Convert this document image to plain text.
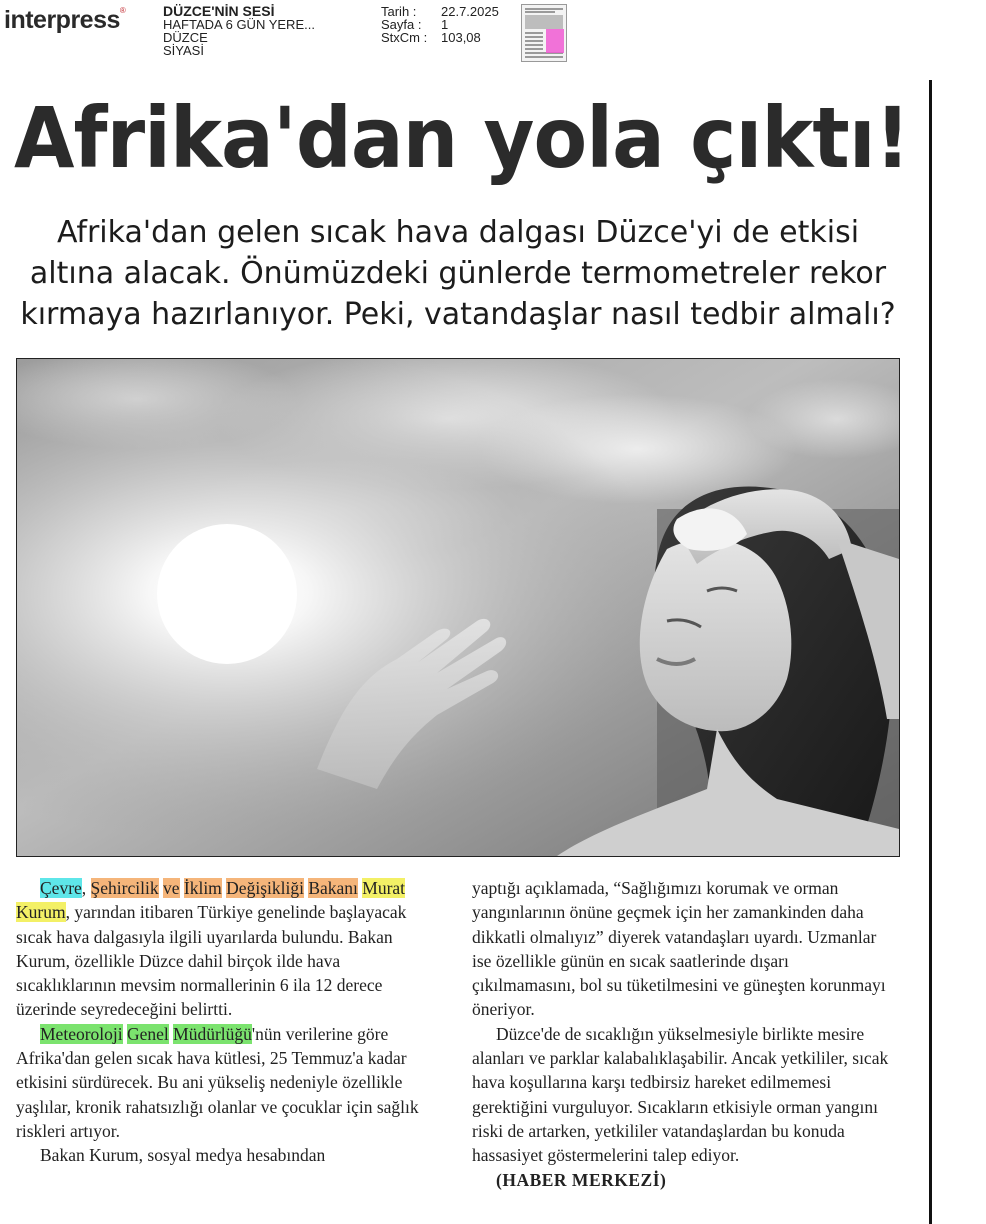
interpress®	DÜZCE'NİN SESİ
HAFTADA 6 GÜN YERE...
DÜZCE
SİYASİ
Tarih :	22.7.2025
Sayfa :	1
StxCm :	103,08
Afrika'dan yola çıktı!

Afrika'dan gelen sıcak hava dalgası Düzce'yi de etkisi altına alacak. Önümüzdeki günlerde termometreler rekor kırmaya hazırlanıyor. Peki, vatandaşlar nasıl tedbir almalı?

Çevre, Şehircilik ve İklim Değişikliği Bakanı Murat Kurum, yarından itibaren Türkiye genelinde başlayacak sıcak hava dalgasıyla ilgili uyarılarda bulundu. Bakan Kurum, özellikle Düzce dahil birçok ilde hava sıcaklıklarının mevsim normallerinin 6 ila 12 derece üzerinde seyredeceğini belirtti.

Meteoroloji Genel Müdürlüğü'nün verilerine göre Afrika'dan gelen sıcak hava kütlesi, 25 Temmuz'a kadar etkisini sürdürecek. Bu ani yükseliş nedeniyle özellikle yaşlılar, kronik rahatsızlığı olanlar ve çocuklar için sağlık riskleri artıyor.

Bakan Kurum, sosyal medya hesabından

yaptığı açıklamada, “Sağlığımızı korumak ve orman yangınlarının önüne geçmek için her zamankinden daha dikkatli olmalıyız” diyerek vatandaşları uyardı. Uzmanlar ise özellikle günün en sıcak saatlerinde dışarı çıkılmamasını, bol su tüketilmesini ve güneşten korunmayı öneriyor.

Düzce'de de sıcaklığın yükselmesiyle birlikte mesire alanları ve parklar kalabalıklaşabilir. Ancak yetkililer, sıcak hava koşullarına karşı tedbirsiz hareket edilmemesi gerektiğini vurguluyor. Sıcakların etkisiyle orman yangını riski de artarken, yetkililer vatandaşlardan bu konuda hassasiyet göstermelerini talep ediyor.

(HABER MERKEZİ)
